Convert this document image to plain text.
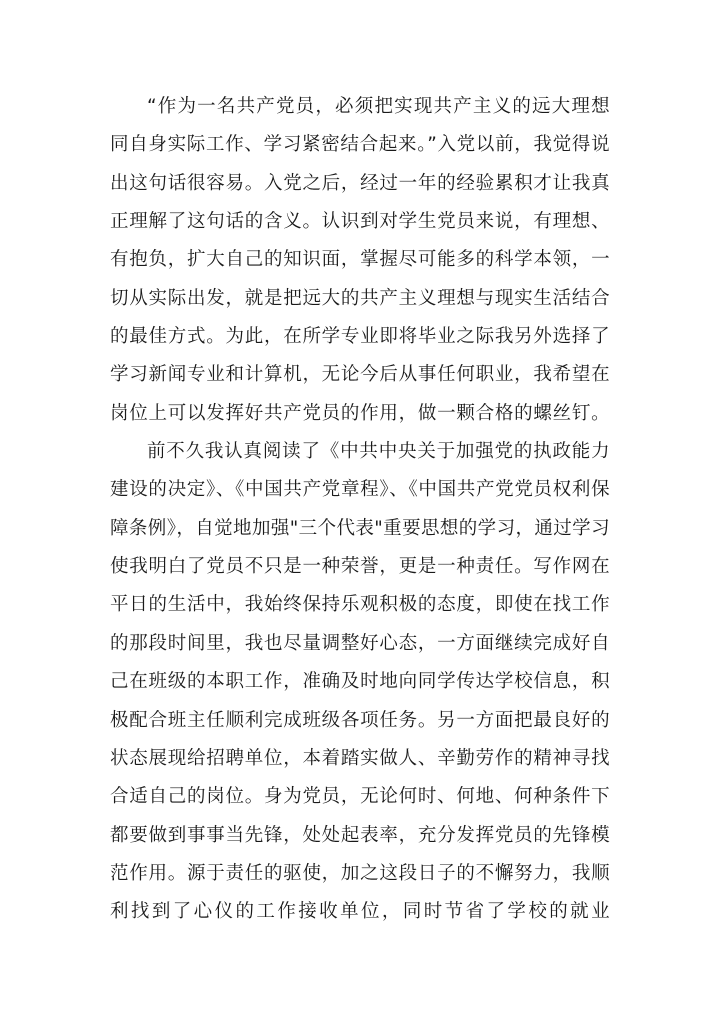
“作为一名共产党员，必须把实现共产主义的远大理想同自身实际工作、学习紧密结合起来。”入党以前，我觉得说出这句话很容易。入党之后，经过一年的经验累积才让我真正理解了这句话的含义。认识到对学生党员来说，有理想、有抱负，扩大自己的知识面，掌握尽可能多的科学本领，一切从实际出发，就是把远大的共产主义理想与现实生活结合的最佳方式。为此，在所学专业即将毕业之际我另外选择了学习新闻专业和计算机，无论今后从事任何职业，我希望在岗位上可以发挥好共产党员的作用，做一颗合格的螺丝钉。

前不久我认真阅读了《中共中央关于加强党的执政能力建设的决定》、《中国共产党章程》、《中国共产党党员权利保障条例》，自觉地加强"三个代表"重要思想的学习，通过学习使我明白了党员不只是一种荣誉，更是一种责任。写作网在平日的生活中，我始终保持乐观积极的态度，即使在找工作的那段时间里，我也尽量调整好心态，一方面继续完成好自己在班级的本职工作，准确及时地向同学传达学校信息，积极配合班主任顺利完成班级各项任务。另一方面把最良好的状态展现给招聘单位，本着踏实做人、辛勤劳作的精神寻找合适自己的岗位。身为党员，无论何时、何地、何种条件下都要做到事事当先锋，处处起表率，充分发挥党员的先锋模范作用。源于责任的驱使，加之这段日子的不懈努力，我顺利找到了心仪的工作接收单位，同时节省了学校的就业
